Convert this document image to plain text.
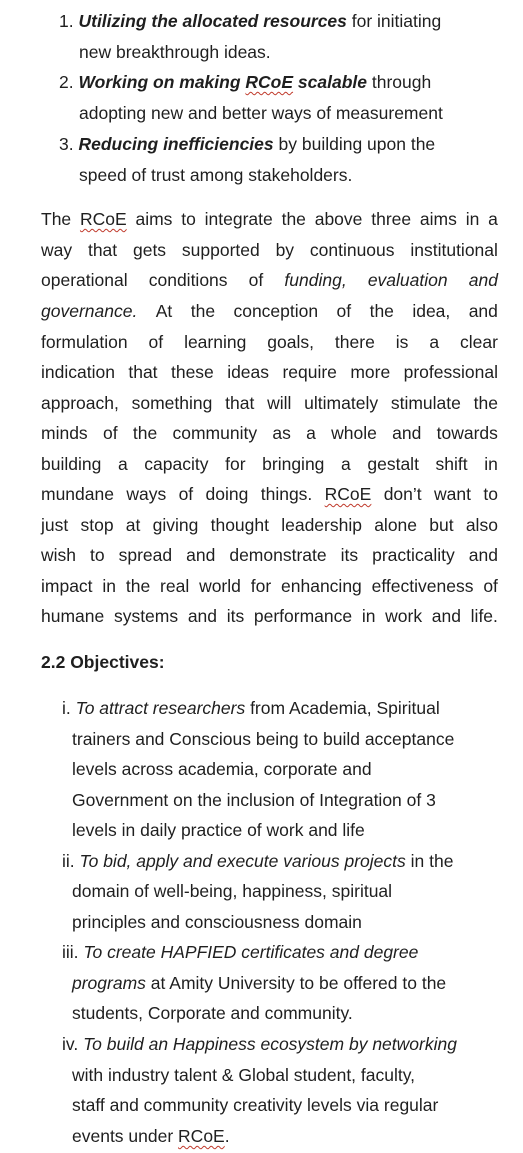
1. Utilizing the allocated resources for initiating
new breakthrough ideas.
2. Working on making RCoE scalable through
adopting new and better ways of measurement
3. Reducing inefficiencies by building upon the
speed of trust among stakeholders.
The RCoE aims to integrate the above three aims in a
way that gets supported by continuous institutional
operational conditions of funding, evaluation and
governance. At the conception of the idea, and
formulation of learning goals, there is a clear
indication that these ideas require more professional
approach, something that will ultimately stimulate the
minds of the community as a whole and towards
building a capacity for bringing a gestalt shift in
mundane ways of doing things. RCoE don’t want to
just stop at giving thought leadership alone but also
wish to spread and demonstrate its practicality and
impact in the real world for enhancing effectiveness of
humane systems and its performance in work and life.
2.2 Objectives:
i. To attract researchers from Academia, Spiritual
trainers and Conscious being to build acceptance
levels across academia, corporate and
Government on the inclusion of Integration of 3
levels in daily practice of work and life
ii. To bid, apply and execute various projects in the
domain of well-being, happiness, spiritual
principles and consciousness domain
iii. To create HAPFIED certificates and degree
programs at Amity University to be offered to the
students, Corporate and community.
iv. To build an Happiness ecosystem by networking
with industry talent & Global student, faculty,
staff and community creativity levels via regular
events under RCoE.
